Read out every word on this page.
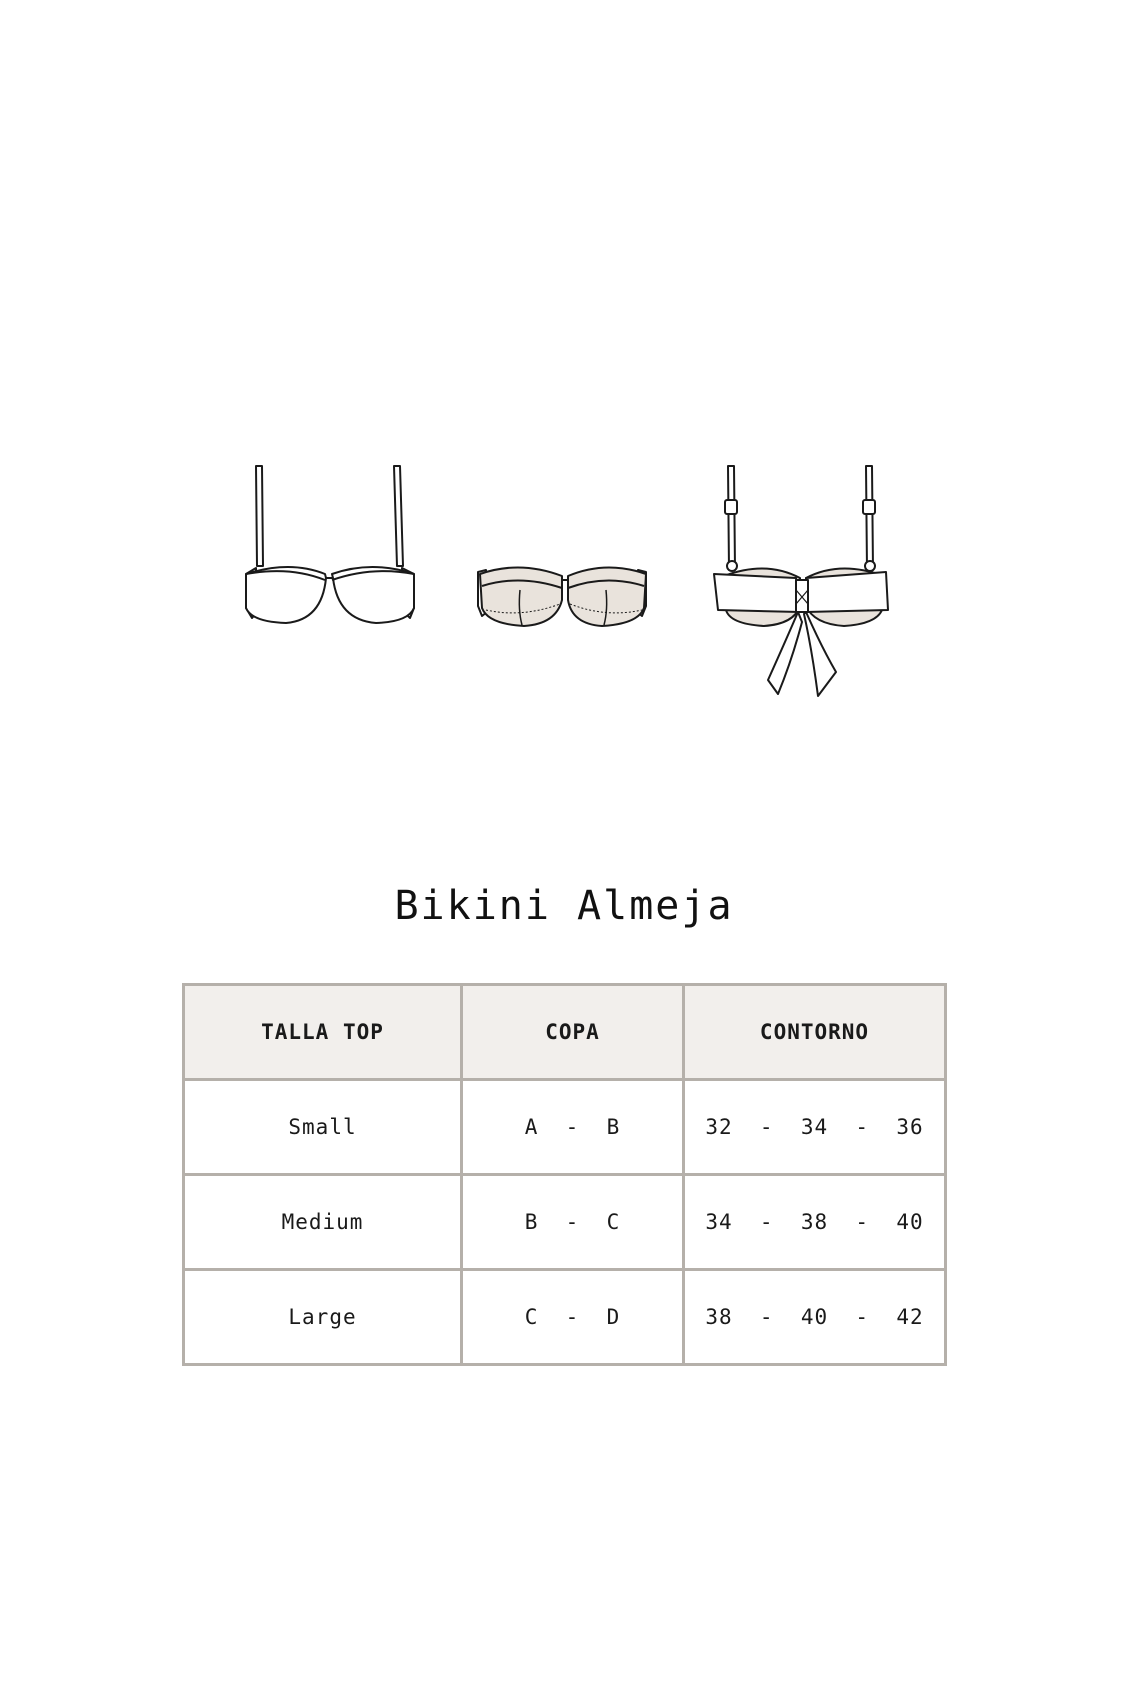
Bikini Almeja
TALLA TOP	COPA	CONTORNO
Small	A  -  B	32  -  34  -  36
Medium	B  -  C	34  -  38  -  40
Large	C  -  D	38  -  40  -  42
